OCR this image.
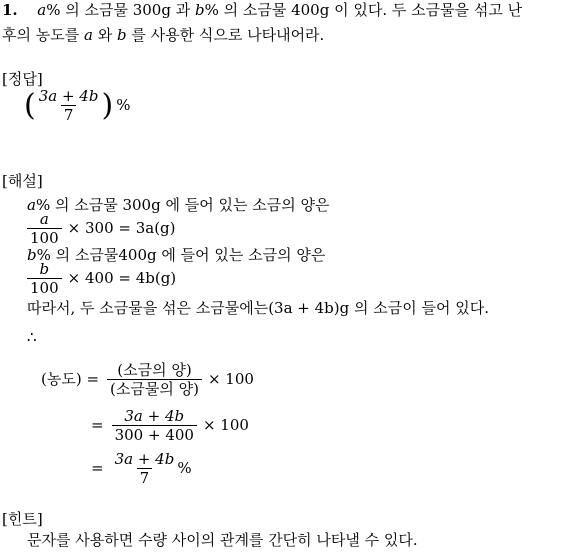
1. a% 의 소금물 300g 과 b% 의 소금물 400g 이 있다. 두 소금물을 섞고 난
후의 농도를 a 와 b 를 사용한 식으로 나타내어라.
[정답]
( $\frac{3a + 4b}{7}$ ) %
[해설]
a% 의 소금물 300g 에 들어 있는 소금의 양은
$\frac{a}{100} \times 300 = 3a(g)$
b% 의 소금물400g 에 들어 있는 소금의 양은
$\frac{b}{100} \times 400 = 4b(g)$
따라서, 두 소금물을 섞은 소금물에는(3a + 4b)g 의 소금이 들어 있다.
∴
(농도) = $\frac{\text{(소금의 양)}}{\text{(소금물의 양)}} \times 100$
= $\frac{3a + 4b}{300 + 400} \times 100$
= $\frac{3a + 4b}{7}$ %
[힌트]
문자를 사용하면 수량 사이의 관계를 간단히 나타낼 수 있다.
